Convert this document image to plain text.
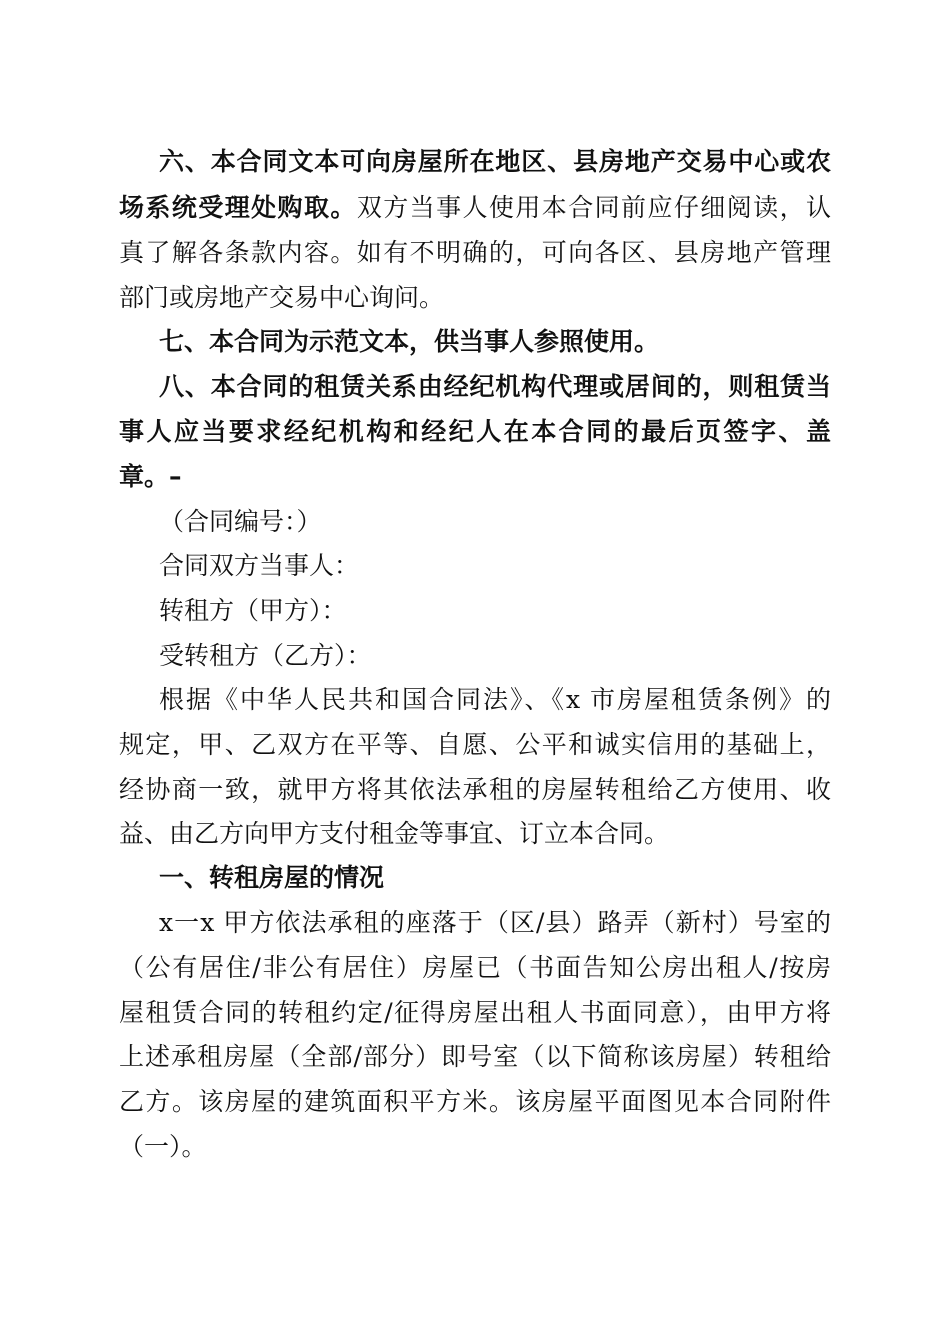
六、本合同文本可向房屋所在地区、县房地产交易中心或农
场系统受理处购取。双方当事人使用本合同前应仔细阅读，认
真了解各条款内容。如有不明确的，可向各区、县房地产管理
部门或房地产交易中心询问。
七、本合同为示范文本，供当事人参照使用。
八、本合同的租赁关系由经纪机构代理或居间的，则租赁当
事人应当要求经纪机构和经纪人在本合同的最后页签字、盖
章。–
（合同编号：）
合同双方当事人：
转租方（甲方）：
受转租方（乙方）：
根据《中华人民共和国合同法》、《x 市房屋租赁条例》的
规定，甲、乙双方在平等、自愿、公平和诚实信用的基础上，
经协商一致，就甲方将其依法承租的房屋转租给乙方使用、收
益、由乙方向甲方支付租金等事宜、订立本合同。
一、转租房屋的情况
x一x 甲方依法承租的座落于（区/县）路弄（新村）号室的
（公有居住/非公有居住）房屋已（书面告知公房出租人/按房
屋租赁合同的转租约定/征得房屋出租人书面同意），由甲方将
上述承租房屋（全部/部分）即号室（以下简称该房屋）转租给
乙方。该房屋的建筑面积平方米。该房屋平面图见本合同附件
（一）。
